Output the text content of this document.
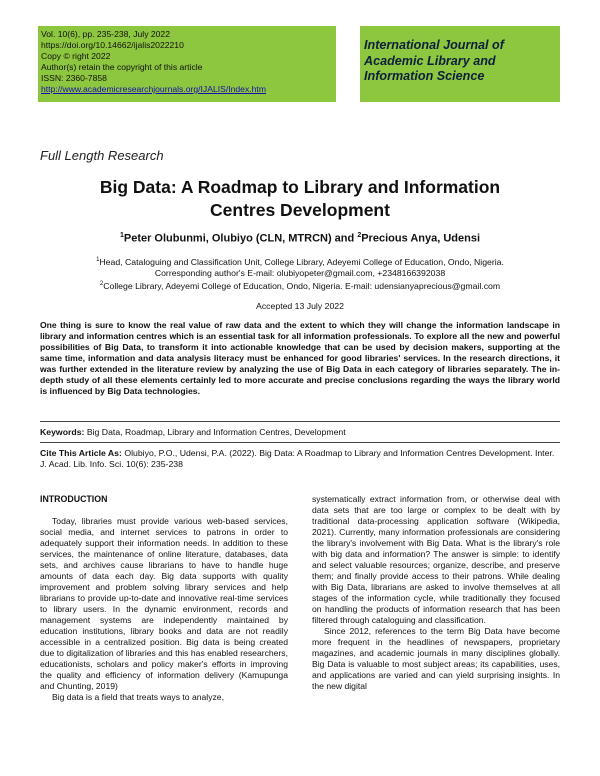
Vol. 10(6), pp. 235-238, July 2022
https://doi.org/10.14662/ijalis2022210
Copy © right 2022
Author(s) retain the copyright of this article
ISSN: 2360-7858
http://www.academicresearchjournals.org/IJALIS/Index.htm
International Journal of
Academic Library and
Information Science
Full Length Research
Big Data: A Roadmap to Library and Information
Centres Development
$^1$Peter Olubunmi, Olubiyo (CLN, MTRCN) and $^2$Precious Anya, Udensi
$^1$Head, Cataloguing and Classification Unit, College Library, Adeyemi College of Education, Ondo, Nigeria.
Corresponding author's E-mail: olubiyopeter@gmail.com, +2348166392038
$^2$College Library, Adeyemi College of Education, Ondo, Nigeria. E-mail: udensianyaprecious@gmail.com
Accepted 13 July 2022
One thing is sure to know the real value of raw data and the extent to which they will change the information landscape in library and information centres which is an essential task for all information professionals. To explore all the new and powerful possibilities of Big Data, to transform it into actionable knowledge that can be used by decision makers, supporting at the same time, information and data analysis literacy must be enhanced for good libraries' services. In the research directions, it was further extended in the literature review by analyzing the use of Big Data in each category of libraries separately. The in-depth study of all these elements certainly led to more accurate and precise conclusions regarding the ways the library world is influenced by Big Data technologies.
Keywords: Big Data, Roadmap, Library and Information Centres, Development
Cite This Article As: Olubiyo, P.O., Udensi, P.A. (2022). Big Data: A Roadmap to Library and Information Centres Development. Inter. J. Acad. Lib. Info. Sci. 10(6): 235-238
INTRODUCTION

Today, libraries must provide various web-based services, social media, and internet services to patrons in order to adequately support their information needs. In addition to these services, the maintenance of online literature, databases, data sets, and archives cause librarians to have to handle huge amounts of data each day. Big data supports with quality improvement and problem solving library services and help librarians to provide up-to-date and innovative real-time services to library users. In the dynamic environment, records and management systems are independently maintained by education institutions, library books and data are not readily accessible in a centralized position. Big data is being created due to digitalization of libraries and this has enabled researchers, educationists, scholars and policy maker's efforts in improving the quality and efficiency of information delivery (Kamupunga and Chunting, 2019)

Big data is a field that treats ways to analyze,

systematically extract information from, or otherwise deal with data sets that are too large or complex to be dealt with by traditional data-processing application software (Wikipedia, 2021). Currently, many information professionals are considering the library's involvement with Big Data. What is the library's role with big data and information? The answer is simple: to identify and select valuable resources; organize, describe, and preserve them; and finally provide access to their patrons. While dealing with Big Data, librarians are asked to involve themselves at all stages of the information cycle, while traditionally they focused on handling the products of information research that has been filtered through cataloguing and classification.

Since 2012, references to the term Big Data have become more frequent in the headlines of newspapers, proprietary magazines, and academic journals in many disciplines globally. Big Data is valuable to most subject areas; its capabilities, uses, and applications are varied and can yield surprising insights. In the new digital
